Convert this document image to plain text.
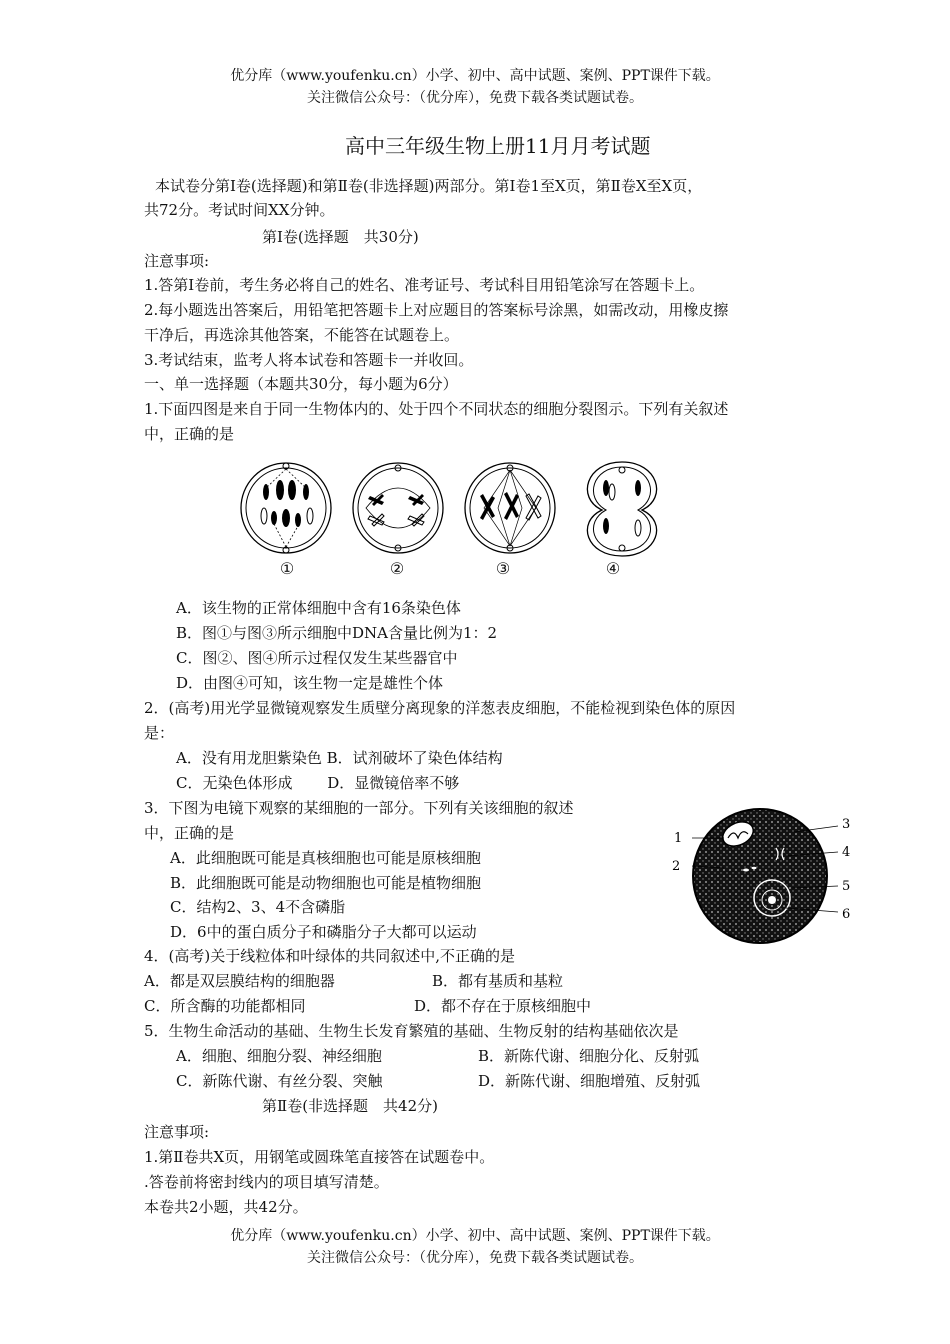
优分库（www.youfenku.cn）小学、初中、高中试题、案例、PPT课件下载。
关注微信公众号：（优分库），免费下载各类试题试卷。
高中三年级生物上册11月月考试题
本试卷分第Ⅰ卷(选择题)和第Ⅱ卷(非选择题)两部分。第Ⅰ卷1至X页，第Ⅱ卷X至X页，
共72分。考试时间XX分钟。
第Ⅰ卷(选择题　共30分)
注意事项:
1.答第Ⅰ卷前，考生务必将自己的姓名、准考证号、考试科目用铅笔涂写在答题卡上。
2.每小题选出答案后，用铅笔把答题卡上对应题目的答案标号涂黑，如需改动，用橡皮擦
干净后，再选涂其他答案，不能答在试题卷上。
3.考试结束，监考人将本试卷和答题卡一并收回。
一、单一选择题（本题共30分，每小题为6分）
1.下面四图是来自于同一生物体内的、处于四个不同状态的细胞分裂图示。下列有关叙述
中，正确的是
①	②	③	④
A．该生物的正常体细胞中含有16条染色体
B．图①与图③所示细胞中DNA含量比例为1：2
C．图②、图④所示过程仅发生某些器官中
D．由图④可知，该生物一定是雄性个体
2．(高考)用光学显微镜观察发生质壁分离现象的洋葱表皮细胞，不能检视到染色体的原因
是：
A．没有用龙胆紫染色 B．试剂破坏了染色体结构
C．无染色体形成　　 D．显微镜倍率不够
3．下图为电镜下观察的某细胞的一部分。下列有关该细胞的叙述
中，正确的是
A．此细胞既可能是真核细胞也可能是原核细胞
B．此细胞既可能是动物细胞也可能是植物细胞
C．结构2、3、4不含磷脂
D．6中的蛋白质分子和磷脂分子大都可以运动
1
2
3
4
5
6
4．(高考)关于线粒体和叶绿体的共同叙述中,不正确的是
A．都是双层膜结构的细胞器	B．都有基质和基粒
C．所含酶的功能都相同	D．都不存在于原核细胞中
5．生物生命活动的基础、生物生长发育繁殖的基础、生物反射的结构基础依次是
A．细胞、细胞分裂、神经细胞	B．新陈代谢、细胞分化、反射弧
C．新陈代谢、有丝分裂、突触	D．新陈代谢、细胞增殖、反射弧
第Ⅱ卷(非选择题　共42分)
注意事项:
1.第Ⅱ卷共X页，用钢笔或圆珠笔直接答在试题卷中。
.答卷前将密封线内的项目填写清楚。
本卷共2小题，共42分。
优分库（www.youfenku.cn）小学、初中、高中试题、案例、PPT课件下载。
关注微信公众号：（优分库），免费下载各类试题试卷。
